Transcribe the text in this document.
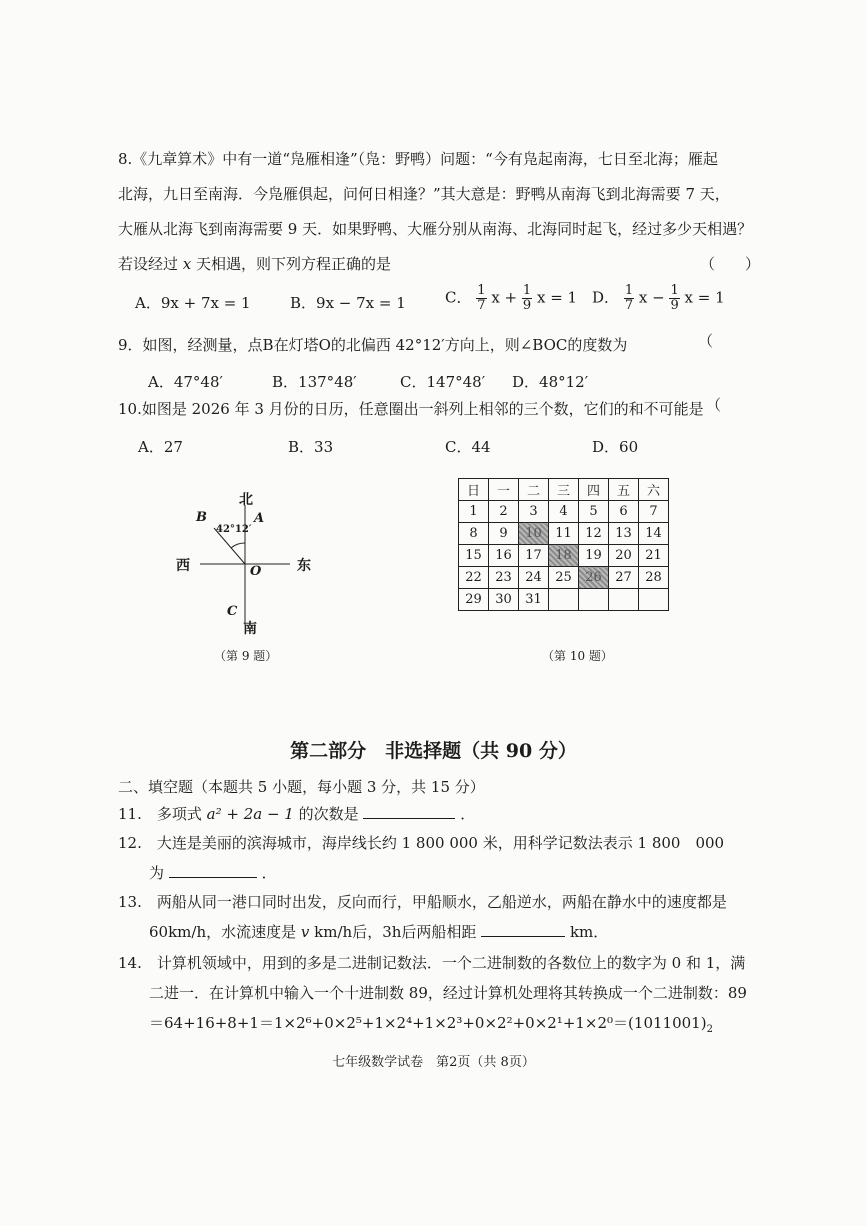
8.《九章算术》中有一道“凫雁相逢”（凫：野鸭）问题：“今有凫起南海，七日至北海；雁起
北海，九日至南海．今凫雁俱起，问何日相逢？”其大意是：野鸭从南海飞到北海需要 7 天，
大雁从北海飞到南海需要 9 天．如果野鸭、大雁分别从南海、北海同时起飞，经过多少天相遇？
若设经过 x 天相遇，则下列方程正确的是	（　　）
A．9x + 7x = 1	B．9x − 7x = 1	C． $\frac{1}{7}$ $x + \frac{1}{9}$ x = 1 D． $\frac{1}{7}$ $x - \frac{1}{9}$ x = 1
9．如图，经测量，点B在灯塔O的北偏西 42°12′方向上，则∠BOC的度数为	（
A．47°48′	B．137°48′	C．147°48′ D．48°12′
10.如图是 2026 年 3 月份的日历，任意圈出一斜列上相邻的三个数，它们的和不可能是 （
A．27	B．33	C．44	D．60
北
南
西	东
A
B
C
O
42°12′
（第 9 题）
日	一	二	三	四	五	六
1	2	3	4	5	6	7
8	9	10	11	12	13	14
15	16	17	18	19	20	21
22	23	24	25	26	27	28
29	30	31				
（第 10 题）
第二部分　非选择题（共 90 分）
二、填空题（本题共 5 小题，每小题 3 分，共 15 分）
11.　多项式 a² + 2a − 1 的次数是	．
12.　大连是美丽的滨海城市，海岸线长约 1 800 000 米，用科学记数法表示 1 800　000
为	．
13.　两船从同一港口同时出发，反向而行，甲船顺水，乙船逆水，两船在静水中的速度都是
60km/h，水流速度是 v km/h后，3h后两船相距	km．
14.　计算机领域中，用到的多是二进制记数法．一个二进制数的各数位上的数字为 0 和 1，满
二进一．在计算机中输入一个十进制数 89，经过计算机处理将其转换成一个二进制数：89
$=64+16+8+1=1\times 2^6+0\times 2^5+1\times 2^4+1\times 2^3+0\times 2^2+0\times 2^1+1\times 2^0=(1011001)_2$
七年级数学试卷　第2页（共 8页）
